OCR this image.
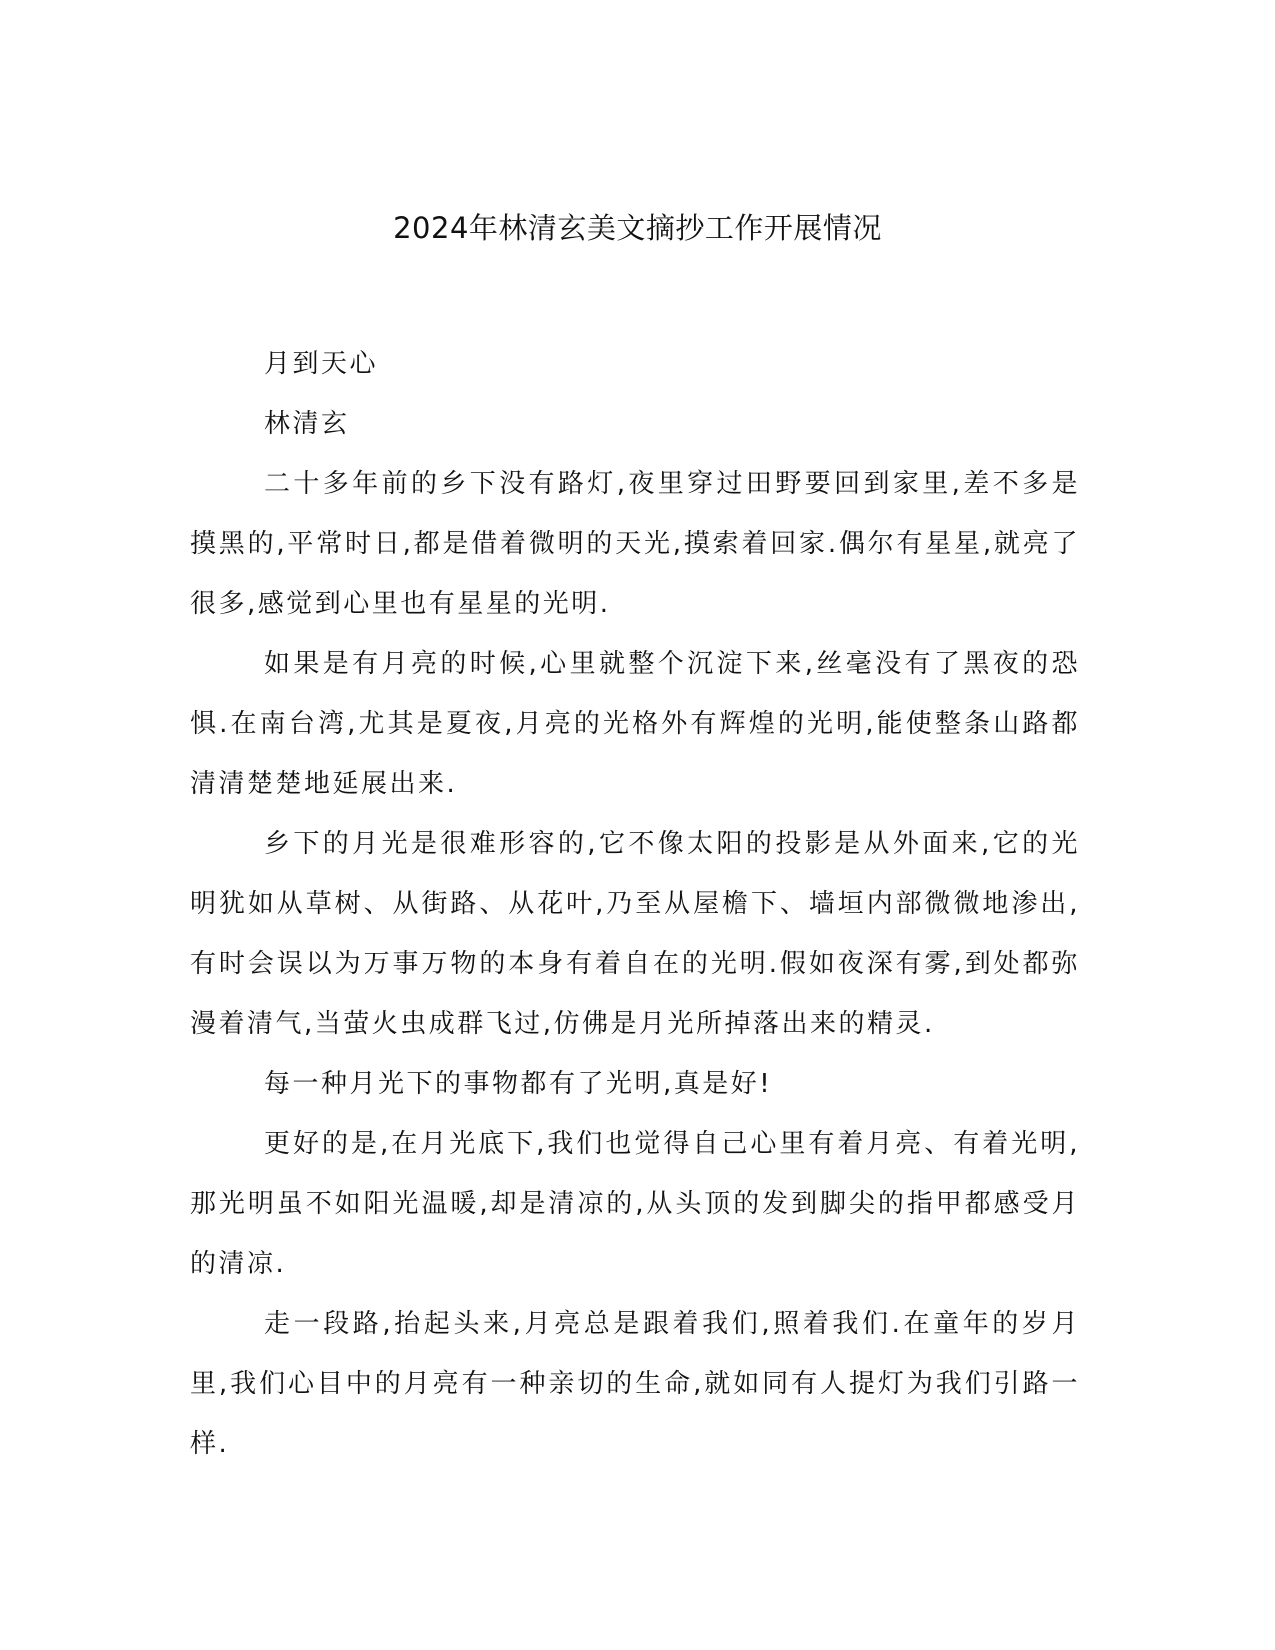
2024年林清玄美文摘抄工作开展情况

月到天心

林清玄

二十多年前的乡下没有路灯,夜里穿过田野要回到家里,差不多是摸黑的,平常时日,都是借着微明的天光,摸索着回家.偶尔有星星,就亮了很多,感觉到心里也有星星的光明.

如果是有月亮的时候,心里就整个沉淀下来,丝毫没有了黑夜的恐惧.在南台湾,尤其是夏夜,月亮的光格外有辉煌的光明,能使整条山路都清清楚楚地延展出来.

乡下的月光是很难形容的,它不像太阳的投影是从外面来,它的光明犹如从草树、从街路、从花叶,乃至从屋檐下、墙垣内部微微地渗出,有时会误以为万事万物的本身有着自在的光明.假如夜深有雾,到处都弥漫着清气,当萤火虫成群飞过,仿佛是月光所掉落出来的精灵.

每一种月光下的事物都有了光明,真是好!

更好的是,在月光底下,我们也觉得自己心里有着月亮、有着光明,那光明虽不如阳光温暖,却是清凉的,从头顶的发到脚尖的指甲都感受月的清凉.

走一段路,抬起头来,月亮总是跟着我们,照着我们.在童年的岁月里,我们心目中的月亮有一种亲切的生命,就如同有人提灯为我们引路一样.
